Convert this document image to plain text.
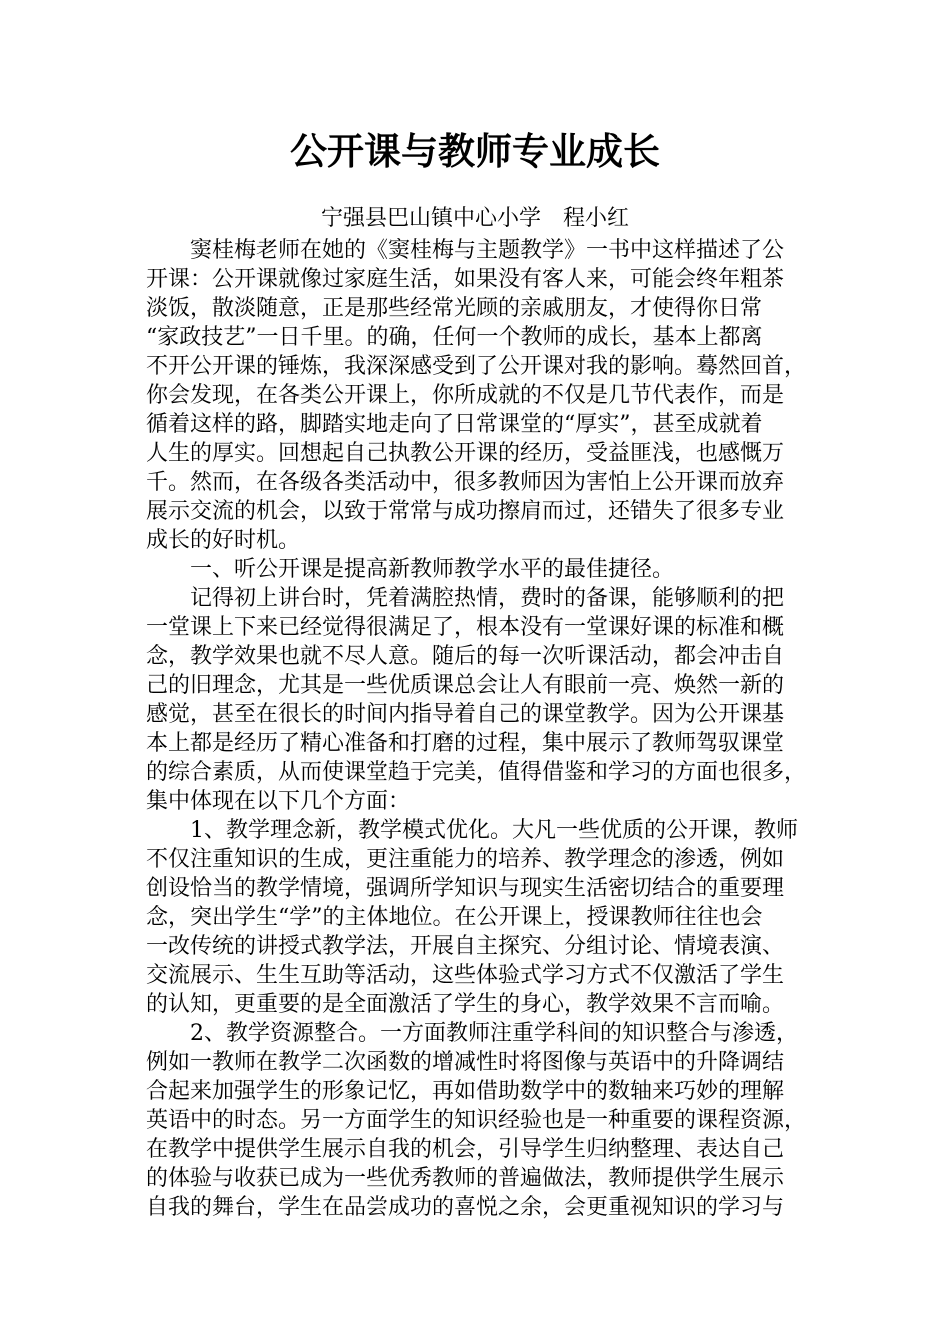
公开课与教师专业成长

宁强县巴山镇中心小学　程小红

　　窦桂梅老师在她的《窦桂梅与主题教学》一书中这样描述了公
开课：公开课就像过家庭生活，如果没有客人来，可能会终年粗茶
淡饭，散淡随意，正是那些经常光顾的亲戚朋友，才使得你日常
“家政技艺”一日千里。的确，任何一个教师的成长，基本上都离
不开公开课的锤炼，我深深感受到了公开课对我的影响。蓦然回首，
你会发现，在各类公开课上，你所成就的不仅是几节代表作，而是
循着这样的路，脚踏实地走向了日常课堂的“厚实”，甚至成就着
人生的厚实。回想起自己执教公开课的经历，受益匪浅，也感慨万
千。然而，在各级各类活动中，很多教师因为害怕上公开课而放弃
展示交流的机会，以致于常常与成功擦肩而过，还错失了很多专业
成长的好时机。
　　一、听公开课是提高新教师教学水平的最佳捷径。
　　记得初上讲台时，凭着满腔热情，费时的备课，能够顺利的把
一堂课上下来已经觉得很满足了，根本没有一堂课好课的标准和概
念，教学效果也就不尽人意。随后的每一次听课活动，都会冲击自
己的旧理念，尤其是一些优质课总会让人有眼前一亮、焕然一新的
感觉，甚至在很长的时间内指导着自己的课堂教学。因为公开课基
本上都是经历了精心准备和打磨的过程，集中展示了教师驾驭课堂
的综合素质，从而使课堂趋于完美，值得借鉴和学习的方面也很多，
集中体现在以下几个方面：
　　1、教学理念新，教学模式优化。大凡一些优质的公开课，教师
不仅注重知识的生成，更注重能力的培养、教学理念的渗透，例如
创设恰当的教学情境，强调所学知识与现实生活密切结合的重要理
念，突出学生“学”的主体地位。在公开课上，授课教师往往也会
一改传统的讲授式教学法，开展自主探究、分组讨论、情境表演、
交流展示、生生互助等活动，这些体验式学习方式不仅激活了学生
的认知，更重要的是全面激活了学生的身心，教学效果不言而喻。
　　2、教学资源整合。一方面教师注重学科间的知识整合与渗透，
例如一教师在教学二次函数的增减性时将图像与英语中的升降调结
合起来加强学生的形象记忆，再如借助数学中的数轴来巧妙的理解
英语中的时态。另一方面学生的知识经验也是一种重要的课程资源，
在教学中提供学生展示自我的机会，引导学生归纳整理、表达自己
的体验与收获已成为一些优秀教师的普遍做法，教师提供学生展示
自我的舞台，学生在品尝成功的喜悦之余，会更重视知识的学习与
